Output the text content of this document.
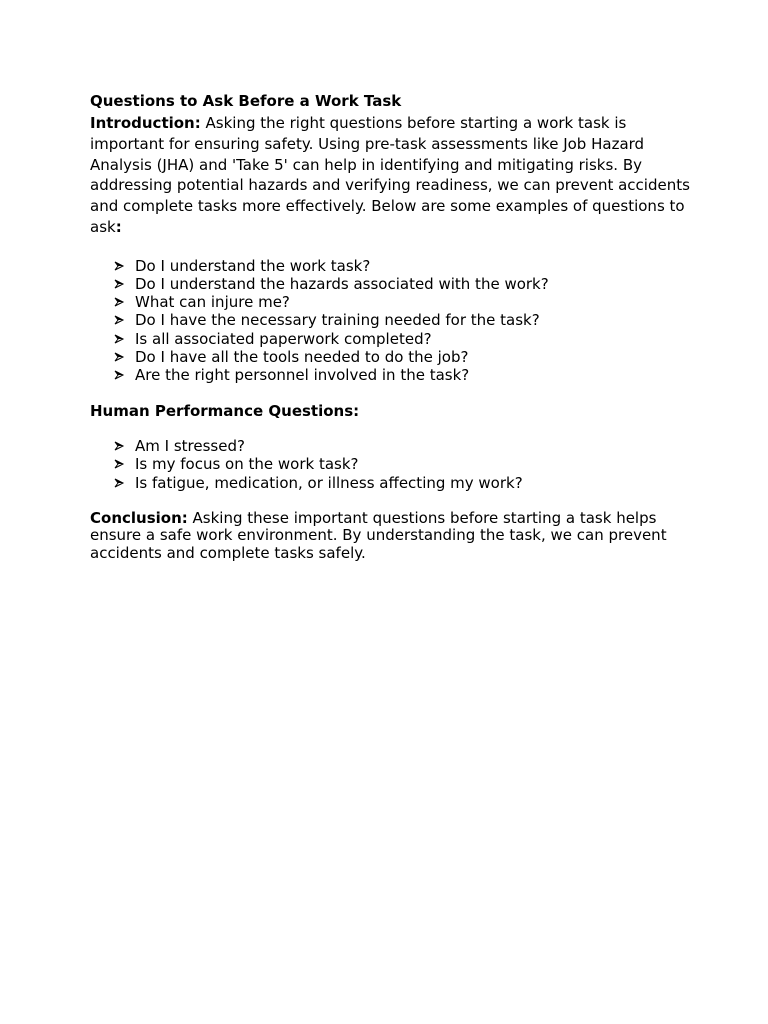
Questions to Ask Before a Work Task

Introduction: Asking the right questions before starting a work task is important for ensuring safety. Using pre-task assessments like Job Hazard Analysis (JHA) and 'Take 5' can help in identifying and mitigating risks. By addressing potential hazards and verifying readiness, we can prevent accidents and complete tasks more effectively. Below are some examples of questions to ask:

Do I understand the work task?
Do I understand the hazards associated with the work?
What can injure me?
Do I have the necessary training needed for the task?
Is all associated paperwork completed?
Do I have all the tools needed to do the job?
Are the right personnel involved in the task?

Human Performance Questions:

Am I stressed?
Is my focus on the work task?
Is fatigue, medication, or illness affecting my work?

Conclusion: Asking these important questions before starting a task helps ensure a safe work environment. By understanding the task, we can prevent accidents and complete tasks safely.
